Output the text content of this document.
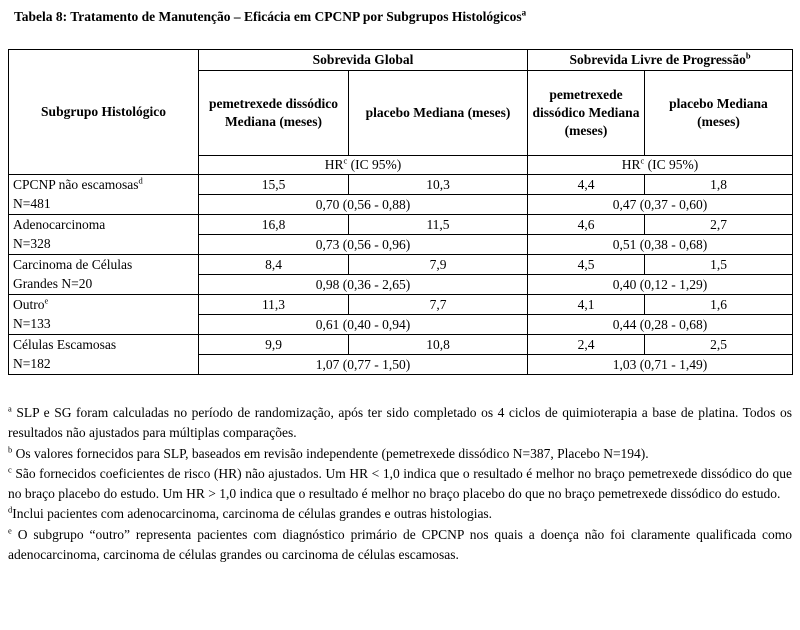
Tabela 8: Tratamento de Manutenção – Eficácia em CPCNP por Subgrupos Histológicos$^a$
Subgrupo Histológico	Sobrevida Global		Sobrevida Livre de Progressão$^b$
	pemetrexede dissódico Mediana (meses)	placebo Mediana (meses)	pemetrexede dissódico Mediana (meses)	placebo Mediana (meses)
	$HR^c$ (IC 95%)		$HR^c$ (IC 95%)	
CPCNP não escamosas$^d$	15,5	10,3	4,4	1,8
N=481	0,70 (0,56 - 0,88)		0,47 (0,37 - 0,60)	
Adenocarcinoma	16,8	11,5	4,6	2,7
N=328	0,73 (0,56 - 0,96)		0,51 (0,38 - 0,68)	
Carcinoma de Células	8,4	7,9	4,5	1,5
Grandes N=20	0,98 (0,36 - 2,65)		0,40 (0,12 - 1,29)	
Outro$^e$	11,3	7,7	4,1	1,6
N=133	0,61 (0,40 - 0,94)		0,44 (0,28 - 0,68)	
Células Escamosas	9,9	10,8	2,4	2,5
N=182	1,07 (0,77 - 1,50)		1,03 (0,71 - 1,49)	

$^a$ SLP e SG foram calculadas no período de randomização, após ter sido completado os 4 ciclos de quimioterapia a base de platina. Todos os resultados não ajustados para múltiplas comparações.

$^b$ Os valores fornecidos para SLP, baseados em revisão independente (pemetrexede dissódico N=387, Placebo N=194).

$^c$ São fornecidos coeficientes de risco (HR) não ajustados. Um HR < 1,0 indica que o resultado é melhor no braço pemetrexede dissódico do que no braço placebo do estudo. Um HR > 1,0 indica que o resultado é melhor no braço placebo do que no braço pemetrexede dissódico do estudo.

$^d$Inclui pacientes com adenocarcinoma, carcinoma de células grandes e outras histologias.

$^e$ O subgrupo “outro” representa pacientes com diagnóstico primário de CPCNP nos quais a doença não foi claramente qualificada como adenocarcinoma, carcinoma de células grandes ou carcinoma de células escamosas.
